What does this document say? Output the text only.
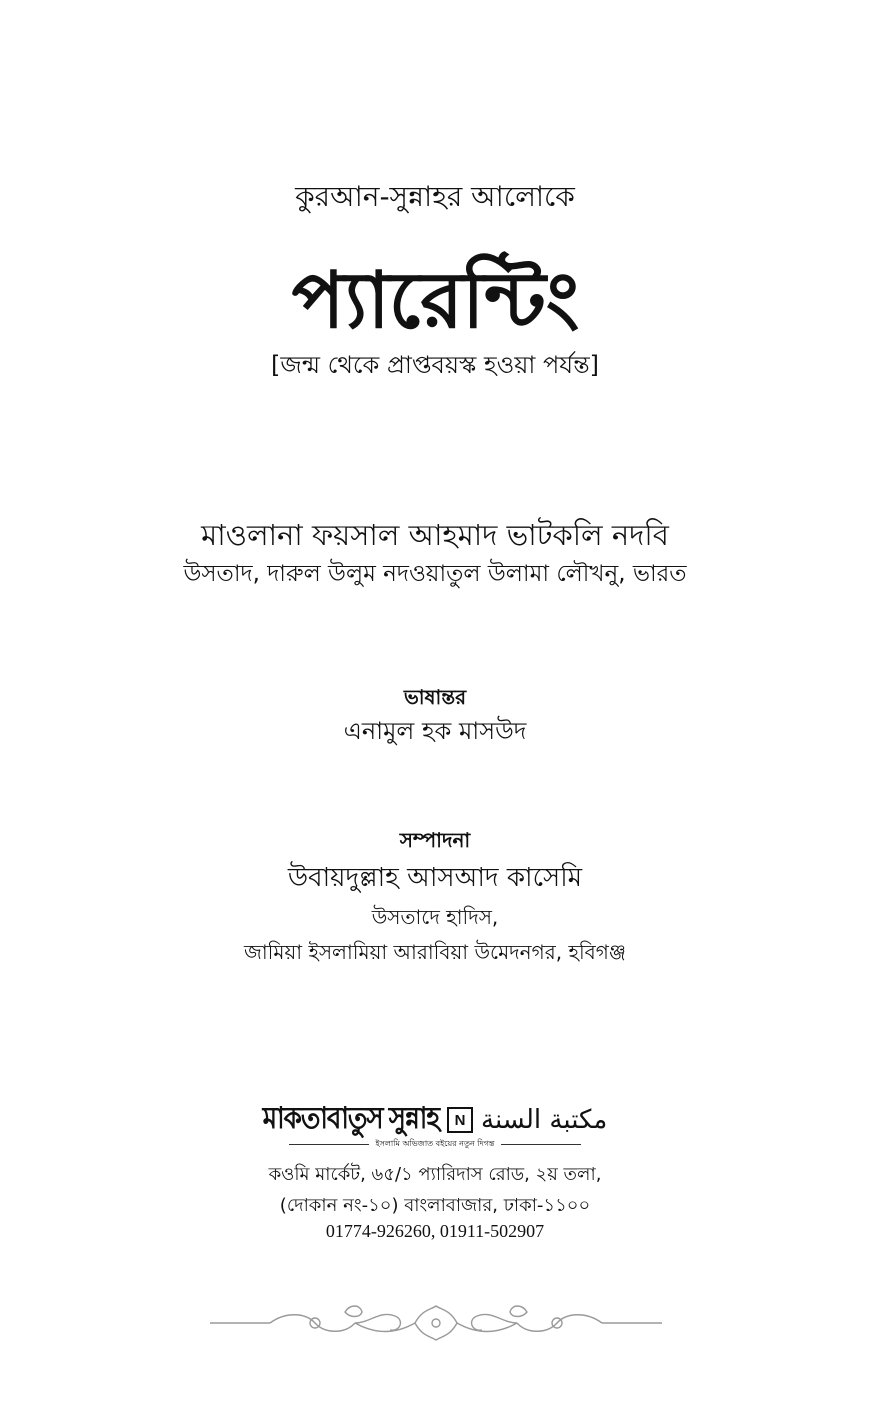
কুরআন-সুন্নাহর আলোকে
প্যারেন্টিং
[জন্ম থেকে প্রাপ্তবয়স্ক হওয়া পর্যন্ত]
মাওলানা ফয়সাল আহমাদ ভাটকলি নদবি
উসতাদ, দারুল উলুম নদওয়াতুল উলামা লৌখনু, ভারত
ভাষান্তর
এনামুল হক মাসউদ
সম্পাদনা
উবায়দুল্লাহ আসআদ কাসেমি
উসতাদে হাদিস,
জামিয়া ইসলামিয়া আরাবিয়া উমেদনগর, হবিগঞ্জ
মাকতাবাতুস সুন্নাহ	N مكتبة السنة
ইসলামি অভিজাত বইয়ের নতুন দিগন্ত
কওমি মার্কেট, ৬৫/১ প্যারিদাস রোড, ২য় তলা,
(দোকান নং-১০) বাংলাবাজার, ঢাকা-১১০০
01774-926260, 01911-502907
